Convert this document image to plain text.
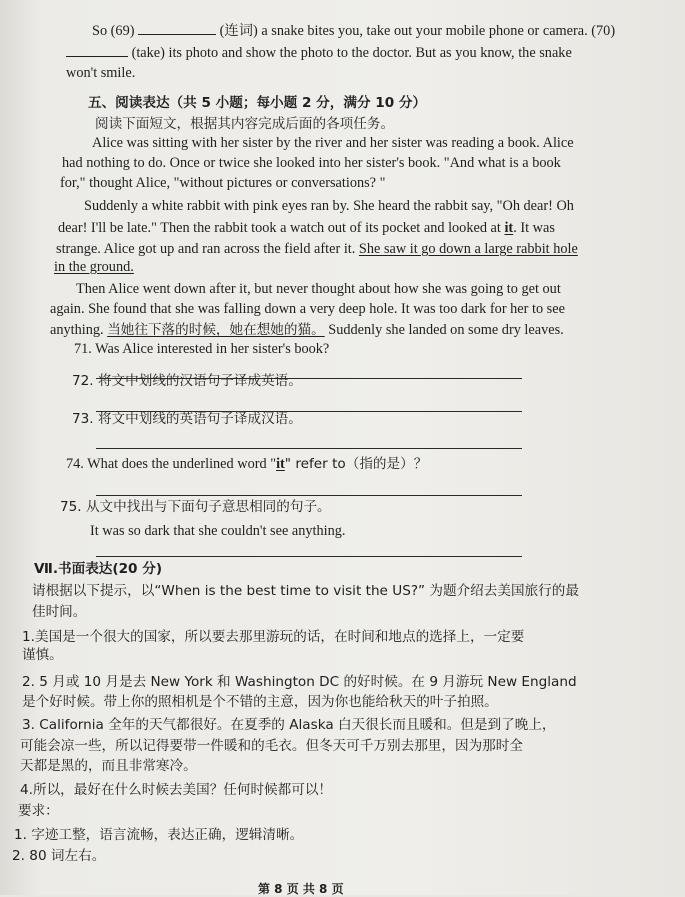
So (69)	(连词) a snake bites you, take out your mobile phone or camera. (70)
(take) its photo and show the photo to the doctor. But as you know, the snake
won't smile.
五、阅读表达（共 5 小题；每小题 2 分，满分 10 分）
阅读下面短文，根据其内容完成后面的各项任务。
Alice was sitting with her sister by the river and her sister was reading a book. Alice
had nothing to do. Once or twice she looked into her sister's book. "And what is a book
for," thought Alice, "without pictures or conversations? "
Suddenly a white rabbit with pink eyes ran by. She heard the rabbit say, "Oh dear! Oh
dear! I'll be late." Then the rabbit took a watch out of its pocket and looked at it. It was
strange. Alice got up and ran across the field after it. She saw it go down a large rabbit hole
in the ground.
Then Alice went down after it, but never thought about how she was going to get out
again. She found that she was falling down a very deep hole. It was too dark for her to see
anything. 当她往下落的时候，她在想她的猫。 Suddenly she landed on some dry leaves.
71. Was Alice interested in her sister's book?
72. 将文中划线的汉语句子译成英语。
73. 将文中划线的英语句子译成汉语。
74. What does the underlined word "it" refer to（指的是）？
75. 从文中找出与下面句子意思相同的句子。
It was so dark that she couldn't see anything.
Ⅶ.书面表达(20 分)
请根据以下提示，以“When is the best time to visit the US?” 为题介绍去美国旅行的最
佳时间。
1.美国是一个很大的国家，所以要去那里游玩的话，在时间和地点的选择上，一定要
谨慎。
2. 5 月或 10 月是去 New York 和 Washington DC 的好时候。在 9 月游玩 New England
是个好时候。带上你的照相机是个不错的主意，因为你也能给秋天的叶子拍照。
3. California 全年的天气都很好。在夏季的 Alaska 白天很长而且暖和。但是到了晚上，
可能会凉一些，所以记得要带一件暖和的毛衣。但冬天可千万别去那里，因为那时全
天都是黑的，而且非常寒冷。
4.所以，最好在什么时候去美国？任何时候都可以！
要求：
1. 字迹工整，语言流畅，表达正确，逻辑清晰。
2. 80 词左右。
第 8 页 共 8 页
